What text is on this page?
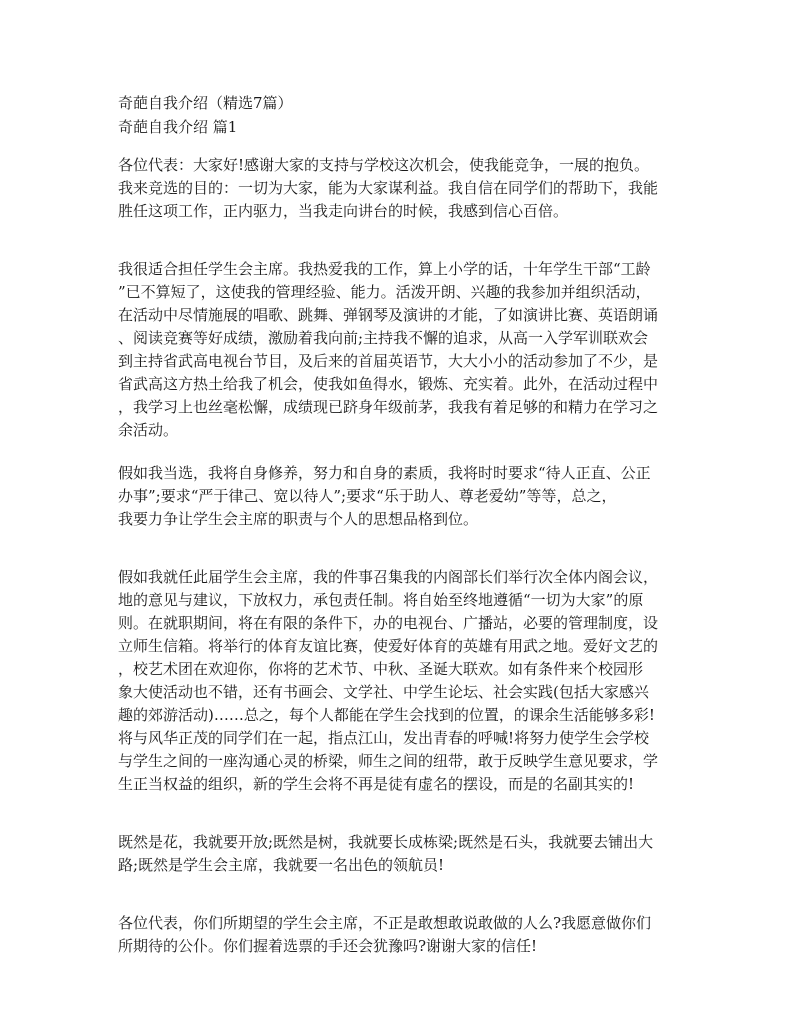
奇葩自我介绍（精选7篇）
奇葩自我介绍 篇1
各位代表：大家好!感谢大家的支持与学校这次机会，使我能竞争，一展的抱负。
我来竞选的目的：一切为大家，能为大家谋利益。我自信在同学们的帮助下，我能
胜任这项工作，正内驱力，当我走向讲台的时候，我感到信心百倍。
我很适合担任学生会主席。我热爱我的工作，算上小学的话，十年学生干部“工龄
”已不算短了，这使我的管理经验、能力。活泼开朗、兴趣的我参加并组织活动，
在活动中尽情施展的唱歌、跳舞、弹钢琴及演讲的才能，了如演讲比赛、英语朗诵
、阅读竞赛等好成绩，激励着我向前;主持我不懈的追求，从高一入学军训联欢会
到主持省武高电视台节目，及后来的首届英语节，大大小小的活动参加了不少，是
省武高这方热土给我了机会，使我如鱼得水，锻炼、充实着。此外，在活动过程中
，我学习上也丝毫松懈，成绩现已跻身年级前茅，我我有着足够的和精力在学习之
余活动。
假如我当选，我将自身修养，努力和自身的素质，我将时时要求“待人正直、公正
办事”;要求“严于律己、宽以待人”;要求“乐于助人、尊老爱幼”等等，总之，
我要力争让学生会主席的职责与个人的思想品格到位。
假如我就任此届学生会主席，我的件事召集我的内阁部长们举行次全体内阁会议，
地的意见与建议，下放权力，承包责任制。将自始至终地遵循“一切为大家”的原
则。在就职期间，将在有限的条件下，办的电视台、广播站，必要的管理制度，设
立师生信箱。将举行的体育友谊比赛，使爱好体育的英雄有用武之地。爱好文艺的
，校艺术团在欢迎你，你将的艺术节、中秋、圣诞大联欢。如有条件来个校园形
象大使活动也不错，还有书画会、文学社、中学生论坛、社会实践(包括大家感兴
趣的郊游活动)……总之，每个人都能在学生会找到的位置，的课余生活能够多彩!
将与风华正茂的同学们在一起，指点江山，发出青春的呼喊!将努力使学生会学校
与学生之间的一座沟通心灵的桥梁，师生之间的纽带，敢于反映学生意见要求，学
生正当权益的组织，新的学生会将不再是徒有虚名的摆设，而是的名副其实的!
既然是花，我就要开放;既然是树，我就要长成栋梁;既然是石头，我就要去铺出大
路;既然是学生会主席，我就要一名出色的领航员!
各位代表，你们所期望的学生会主席，不正是敢想敢说敢做的人么?我愿意做你们
所期待的公仆。你们握着选票的手还会犹豫吗?谢谢大家的信任!
